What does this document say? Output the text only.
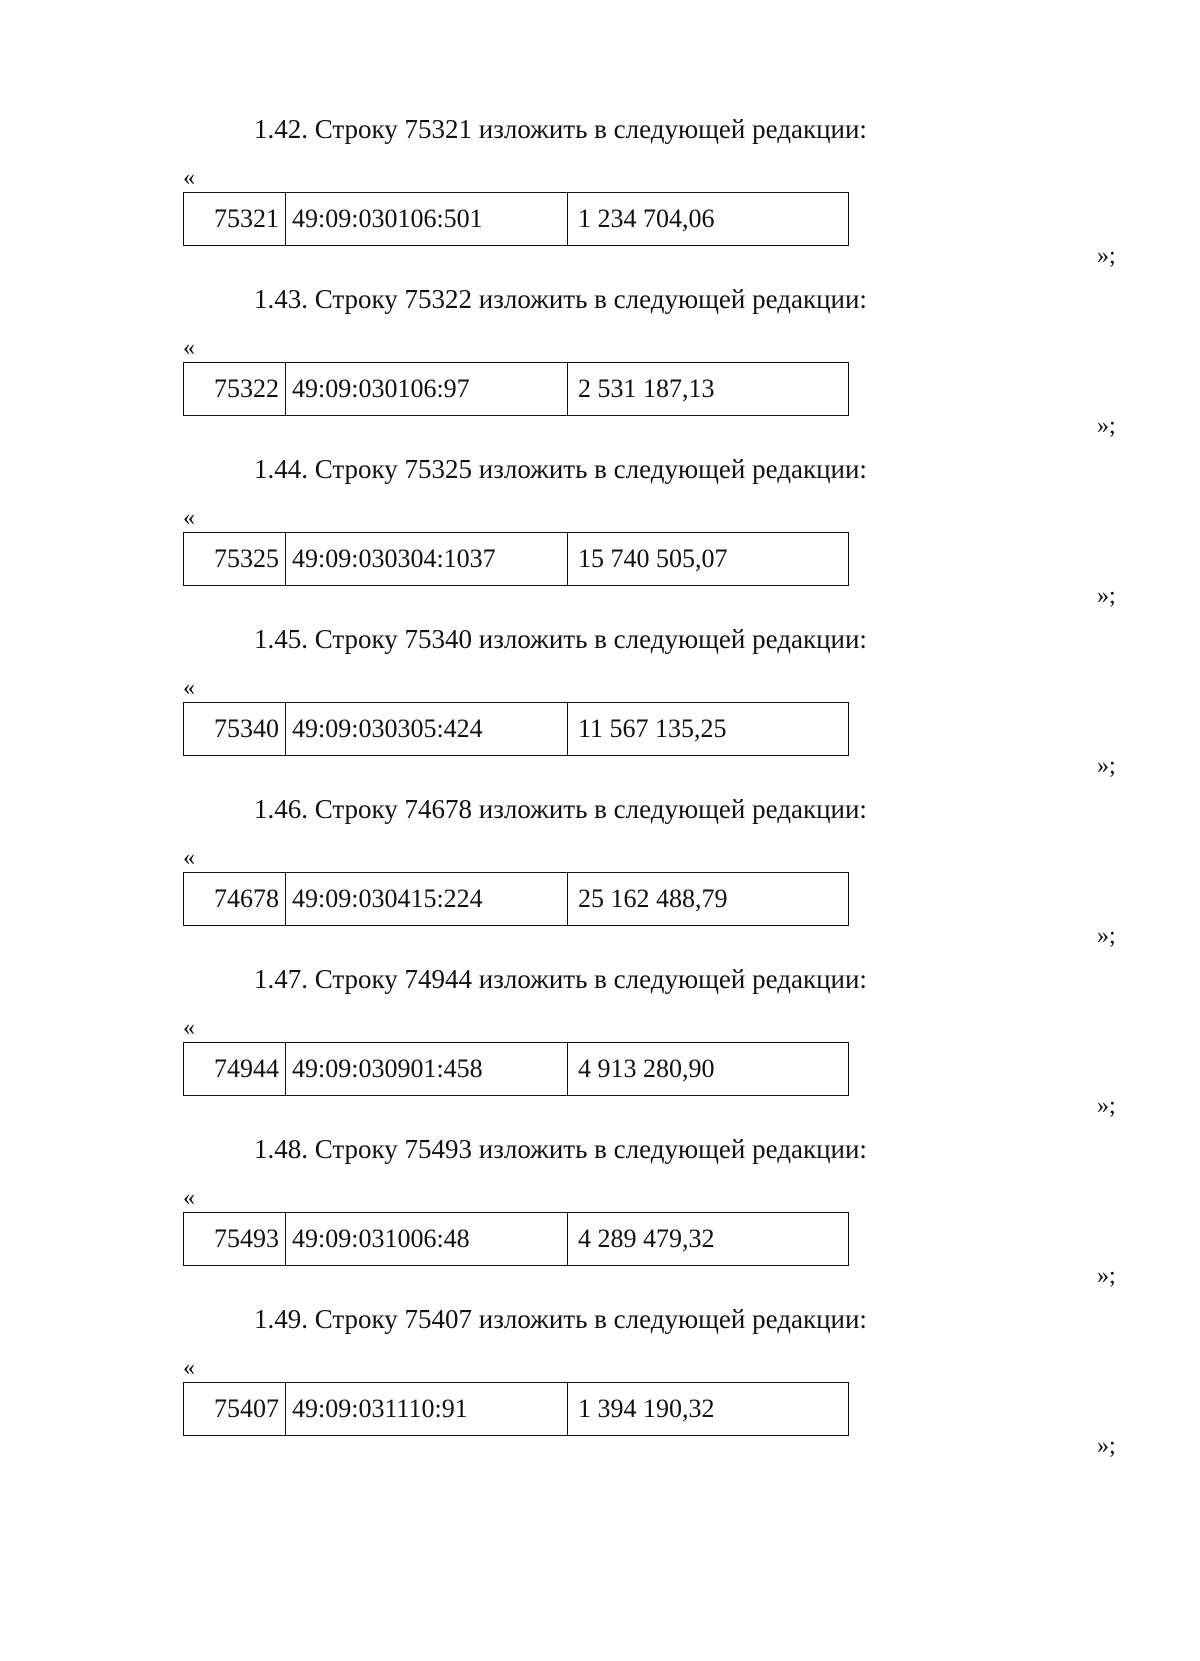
1.42. Строку 75321 изложить в следующей редакции:
«
75321 49:09:030106:501	1 234 704,06
»;
1.43. Строку 75322 изложить в следующей редакции:
«
75322 49:09:030106:97	2 531 187,13
»;
1.44. Строку 75325 изложить в следующей редакции:
«
75325 49:09:030304:1037	15 740 505,07
»;
1.45. Строку 75340 изложить в следующей редакции:
«
75340 49:09:030305:424	11 567 135,25
»;
1.46. Строку 74678 изложить в следующей редакции:
«
74678 49:09:030415:224	25 162 488,79
»;
1.47. Строку 74944 изложить в следующей редакции:
«
74944 49:09:030901:458	4 913 280,90
»;
1.48. Строку 75493 изложить в следующей редакции:
«
75493 49:09:031006:48	4 289 479,32
»;
1.49. Строку 75407 изложить в следующей редакции:
«
75407 49:09:031110:91	1 394 190,32
»;
